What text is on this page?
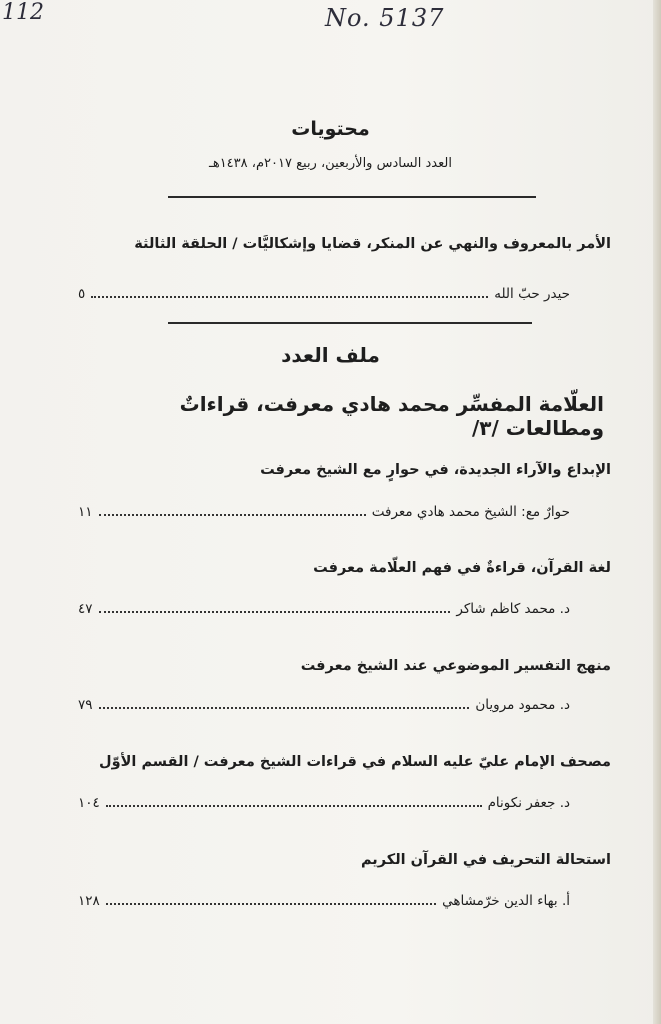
112	No. 5137
محتويات
العدد السادس والأربعين، ربيع ٢٠١٧م، ١٤٣٨هـ
الأمر بالمعروف والنهي عن المنكر، قضايا وإشكاليَّات / الحلقة الثالثة
حيدر حبّ الله
٥
ملف العدد
العلّامة المفسِّر محمد هادي معرفت، قراءاتٌ ومطالعات /٣/
الإبداع والآراء الجديدة، في حوارٍ مع الشيخ معرفت
حوارٌ مع: الشيخ محمد هادي معرفت
١١
لغة القرآن، قراءةٌ في فهم العلّامة معرفت
د. محمد كاظم شاكر
٤٧
منهج التفسير الموضوعي عند الشيخ معرفت
د. محمود مرويان
٧٩
مصحف الإمام عليّ عليه السلام في قراءات الشيخ معرفت / القسم الأوّل
د. جعفر نكونام
١٠٤
استحالة التحريف في القرآن الكريم
أ. بهاء الدين خرّمشاهي
١٢٨
